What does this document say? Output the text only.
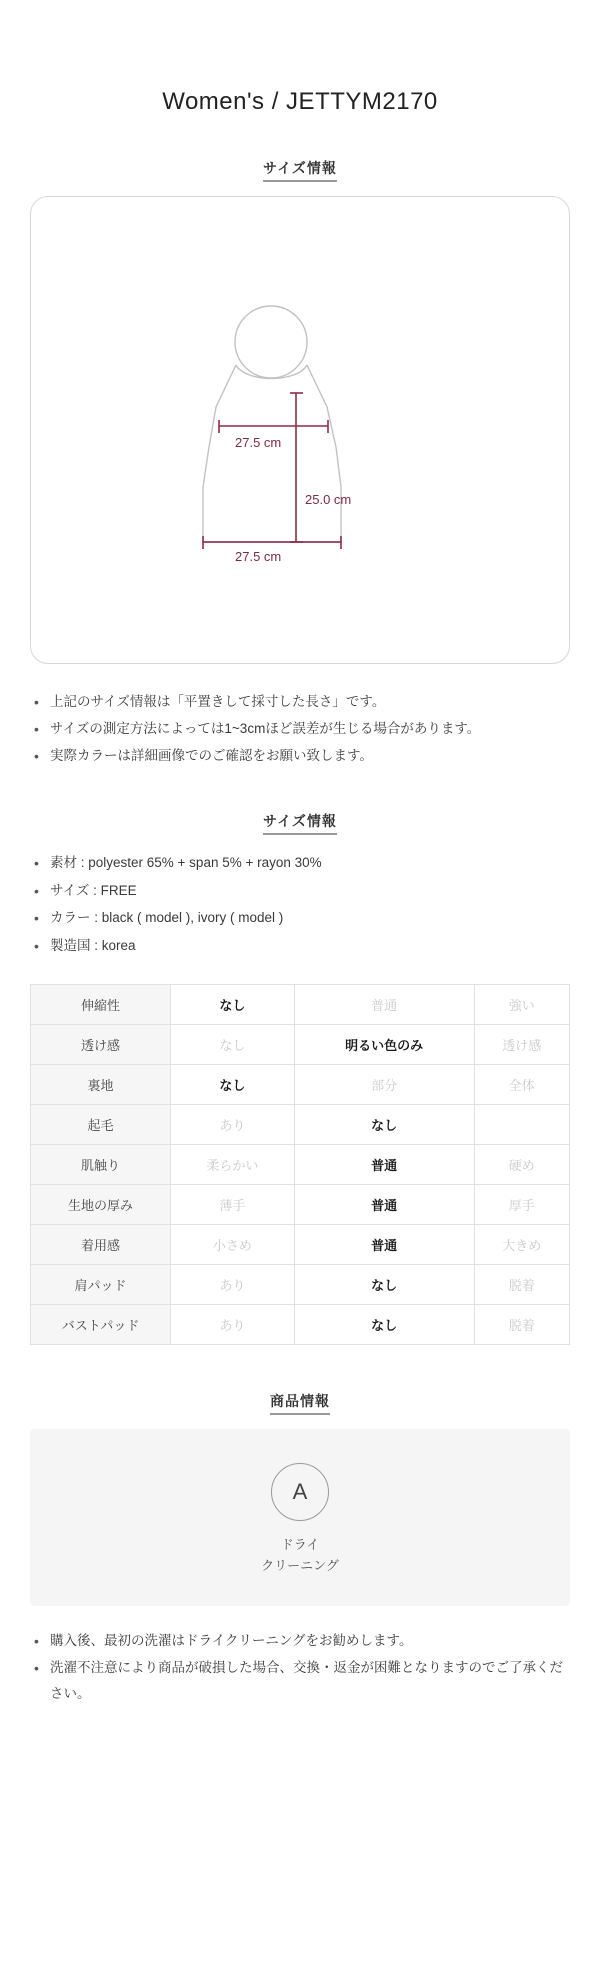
Women's / JETTYM2170
サイズ情報
27.5 cm
25.0 cm
27.5 cm
• 上記のサイズ情報は「平置きして採寸した長さ」です。
• サイズの測定方法によっては1~3cmほど誤差が生じる場合があります。
• 実際カラーは詳細画像でのご確認をお願い致します。
サイズ情報
• 素材 : polyester 65% + span 5% + rayon 30%
• サイズ : FREE
• カラー : black ( model ), ivory ( model )
• 製造国 : korea
伸縮性	なし	普通	強い
透け感	なし	明るい色のみ	透け感
裏地	なし	部分	全体
起毛	あり	なし	
肌触り	柔らかい	普通	硬め
生地の厚み	薄手	普通	厚手
着用感	小さめ	普通	大きめ
肩パッド	あり	なし	脱着
バストパッド	あり	なし	脱着
商品情報
A
ドライ
クリーニング
• 購入後、最初の洗濯はドライクリーニングをお勧めします。
• 洗濯不注意により商品が破損した場合、交換・返金が困難となりますのでご了承ください。
